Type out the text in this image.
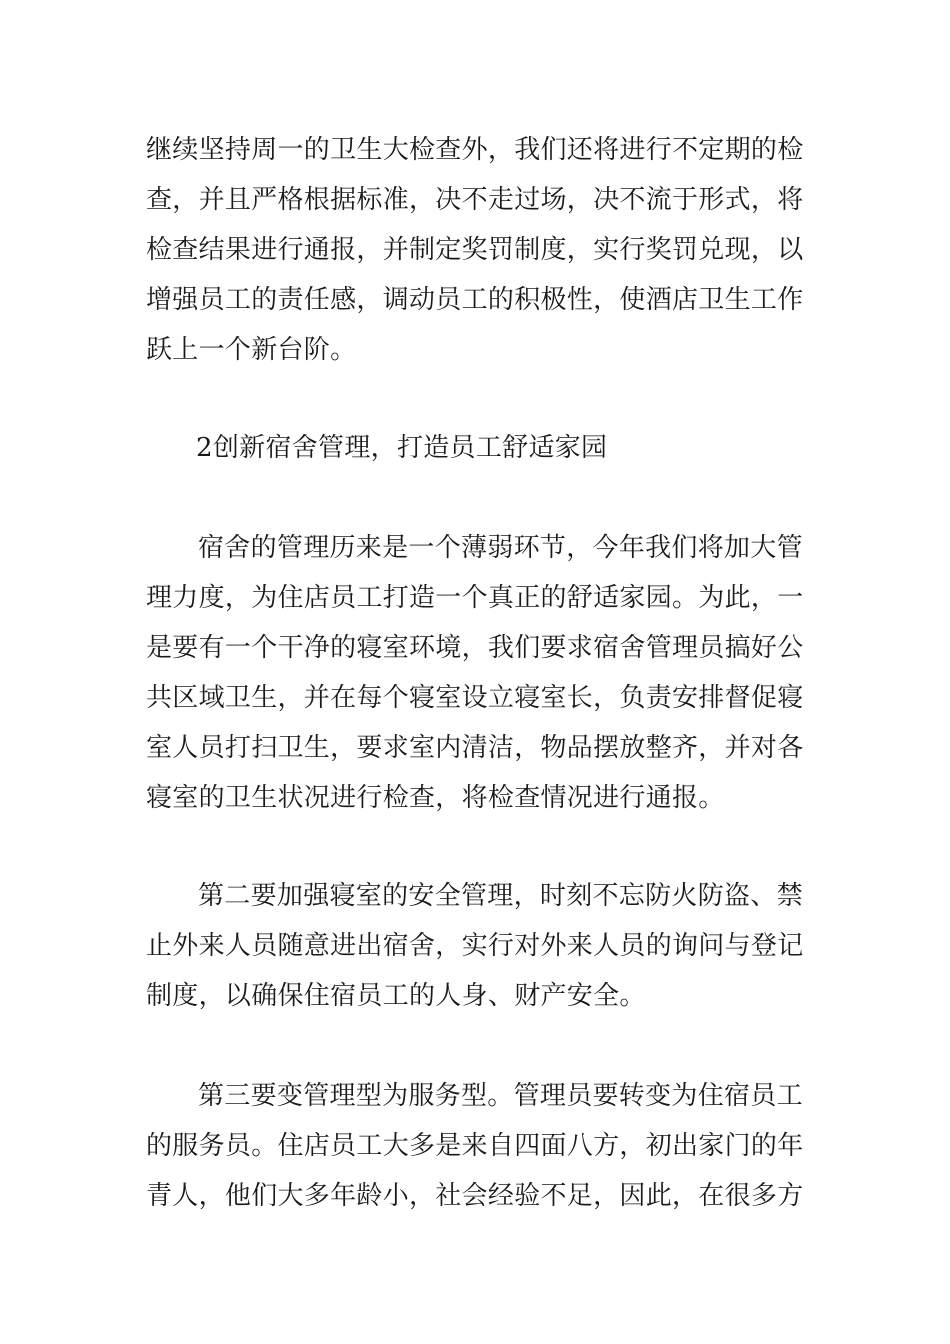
继续坚持周一的卫生大检查外，我们还将进行不定期的检
查，并且严格根据标准，决不走过场，决不流于形式，将
检查结果进行通报，并制定奖罚制度，实行奖罚兑现，以
增强员工的责任感，调动员工的积极性，使酒店卫生工作
跃上一个新台阶。
2创新宿舍管理，打造员工舒适家园
宿舍的管理历来是一个薄弱环节，今年我们将加大管
理力度，为住店员工打造一个真正的舒适家园。为此，一
是要有一个干净的寝室环境，我们要求宿舍管理员搞好公
共区域卫生，并在每个寝室设立寝室长，负责安排督促寝
室人员打扫卫生，要求室内清洁，物品摆放整齐，并对各
寝室的卫生状况进行检查，将检查情况进行通报。
第二要加强寝室的安全管理，时刻不忘防火防盗、禁
止外来人员随意进出宿舍，实行对外来人员的询问与登记
制度，以确保住宿员工的人身、财产安全。
第三要变管理型为服务型。管理员要转变为住宿员工
的服务员。住店员工大多是来自四面八方，初出家门的年
青人，他们大多年龄小，社会经验不足，因此，在很多方
